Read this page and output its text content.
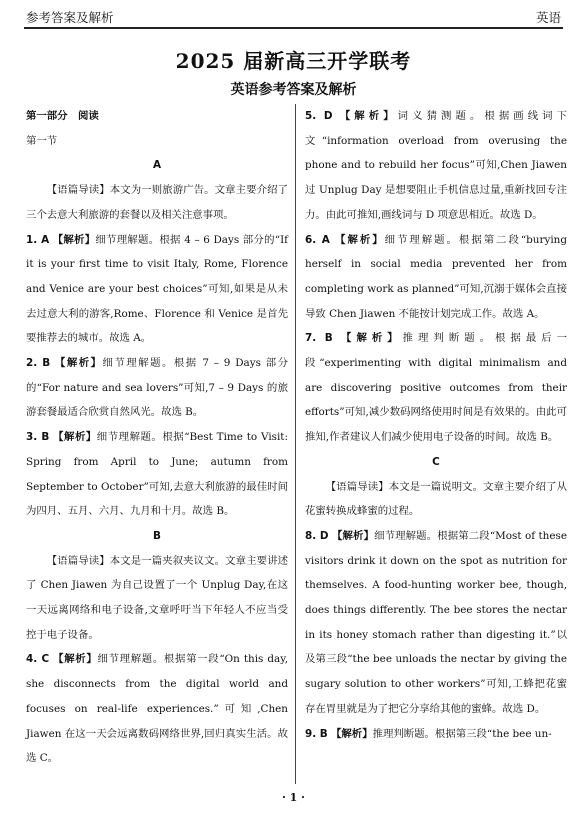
参考答案及解析	英语
2025 届新高三开学联考
英语参考答案及解析

第一部分　阅读

第一节

A

【语篇导读】本文为一则旅游广告。文章主要介绍了三个去意大利旅游的套餐以及相关注意事项。

1. A 【解析】细节理解题。根据 4 – 6 Days 部分的“If it is your first time to visit Italy, Rome, Florence and Venice are your best choices”可知,如果是从未去过意大利的游客,Rome、Florence 和 Venice 是首先要推荐去的城市。故选 A。

2. B 【解析】细节理解题。根据 7 – 9 Days 部分的“For nature and sea lovers”可知,7 – 9 Days 的旅游套餐最适合欣赏自然风光。故选 B。

3. B 【解析】细节理解题。根据“Best Time to Visit: Spring from April to June; autumn from September to October”可知,去意大利旅游的最佳时间为四月、五月、六月、九月和十月。故选 B。

B

【语篇导读】本文是一篇夹叙夹议文。文章主要讲述了 Chen Jiawen 为自己设置了一个 Unplug Day,在这一天远离网络和电子设备,文章呼吁当下年轻人不应当受控于电子设备。

4. C 【解析】细节理解题。根据第一段“On this day, she disconnects from the digital world and focuses on real-life experiences.”可知,Chen Jiawen 在这一天会远离数码网络世界,回归真实生活。故选 C。

5. D 【解析】词义猜测题。根据画线词下文“information overload from overusing the phone and to rebuild her focus”可知,Chen Jiawen 过 Unplug Day 是想要阻止手机信息过量,重新找回专注力。由此可推知,画线词与 D 项意思相近。故选 D。

6. A 【解析】细节理解题。根据第二段“burying herself in social media prevented her from completing work as planned”可知,沉溺于媒体会直接导致 Chen Jiawen 不能按计划完成工作。故选 A。

7. B 【解析】推理判断题。根据最后一段“experimenting with digital minimalism and are discovering positive outcomes from their efforts”可知,减少数码网络使用时间是有效果的。由此可推知,作者建议人们减少使用电子设备的时间。故选 B。

C

【语篇导读】本文是一篇说明文。文章主要介绍了从花蜜转换成蜂蜜的过程。

8. D 【解析】细节理解题。根据第二段“Most of these visitors drink it down on the spot as nutrition for themselves. A food-hunting worker bee, though, does things differently. The bee stores the nectar in its honey stomach rather than digesting it.”以及第三段“the bee unloads the nectar by giving the sugary solution to other workers”可知,工蜂把花蜜存在胃里就是为了把它分享给其他的蜜蜂。故选 D。

9. B 【解析】推理判断题。根据第三段“the bee un-

· 1 ·
